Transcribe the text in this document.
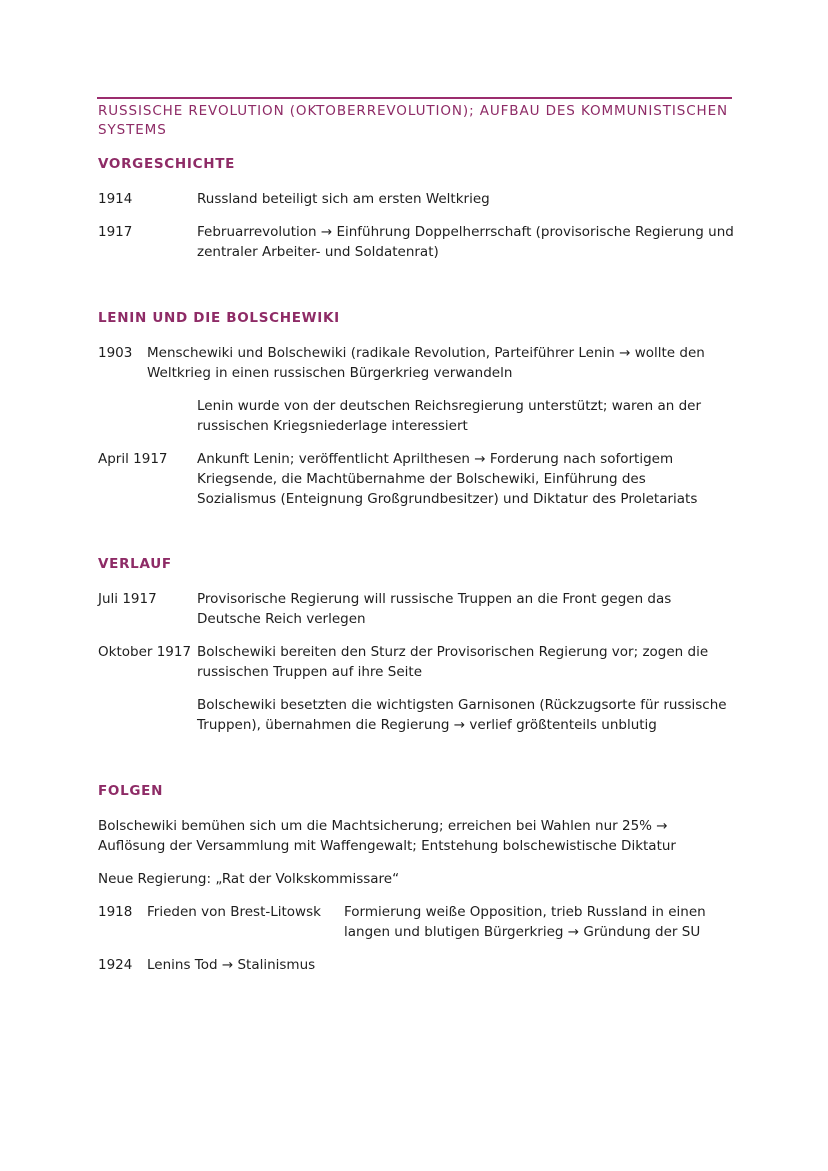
RUSSISCHE REVOLUTION (OKTOBERREVOLUTION); AUFBAU DES KOMMUNISTISCHEN SYSTEMS
VORGESCHICHTE

1914	Russland beteiligt sich am ersten Weltkrieg

1917	Februarrevolution → Einführung Doppelherrschaft (provisorische Regierung und zentraler Arbeiter- und Soldatenrat)

LENIN UND DIE BOLSCHEWIKI

1903 Menschewiki und Bolschewiki (radikale Revolution, Parteiführer Lenin → wollte den Weltkrieg in einen russischen Bürgerkrieg verwandeln

Lenin wurde von der deutschen Reichsregierung unterstützt; waren an der russischen Kriegsniederlage interessiert

April 1917 Ankunft Lenin; veröffentlicht Aprilthesen → Forderung nach sofortigem Kriegsende, die Machtübernahme der Bolschewiki, Einführung des Sozialismus (Enteignung Großgrundbesitzer) und Diktatur des Proletariats

VERLAUF

Juli 1917	Provisorische Regierung will russische Truppen an die Front gegen das Deutsche Reich verlegen

Oktober 1917 Bolschewiki bereiten den Sturz der Provisorischen Regierung vor; zogen die russischen Truppen auf ihre Seite

Bolschewiki besetzten die wichtigsten Garnisonen (Rückzugsorte für russische Truppen), übernahmen die Regierung → verlief größtenteils unblutig

FOLGEN

Bolschewiki bemühen sich um die Machtsicherung; erreichen bei Wahlen nur 25% → Auflösung der Versammlung mit Waffengewalt; Entstehung bolschewistische Diktatur

Neue Regierung: „Rat der Volkskommissare“

1918 Frieden von Brest-Litowsk	Formierung weiße Opposition, trieb Russland in einen langen und blutigen Bürgerkrieg → Gründung der SU

1924 Lenins Tod → Stalinismus
